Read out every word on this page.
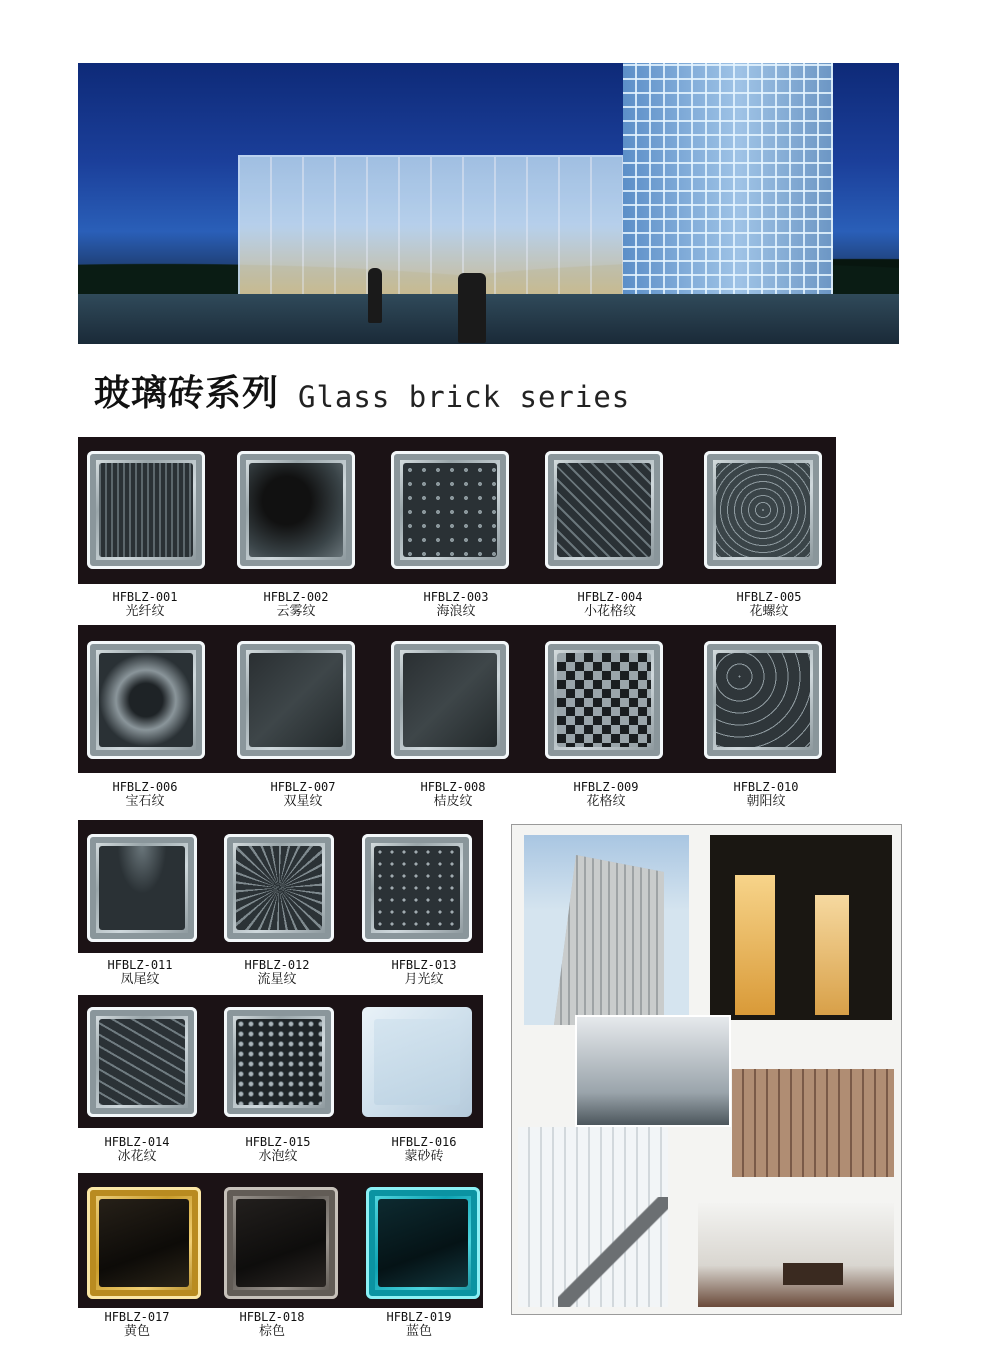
玻璃砖系列 Glass brick series
HFBLZ-001
光纤纹
HFBLZ-002
云雾纹
HFBLZ-003
海浪纹
HFBLZ-004
小花格纹
HFBLZ-005
花螺纹
HFBLZ-006
宝石纹
HFBLZ-007
双星纹
HFBLZ-008
桔皮纹
HFBLZ-009
花格纹
HFBLZ-010
朝阳纹
HFBLZ-011
凤尾纹
HFBLZ-012
流星纹
HFBLZ-013
月光纹
HFBLZ-014
冰花纹
HFBLZ-015
水泡纹
HFBLZ-016
蒙砂砖
HFBLZ-017
黄色
HFBLZ-018
棕色
HFBLZ-019
蓝色
